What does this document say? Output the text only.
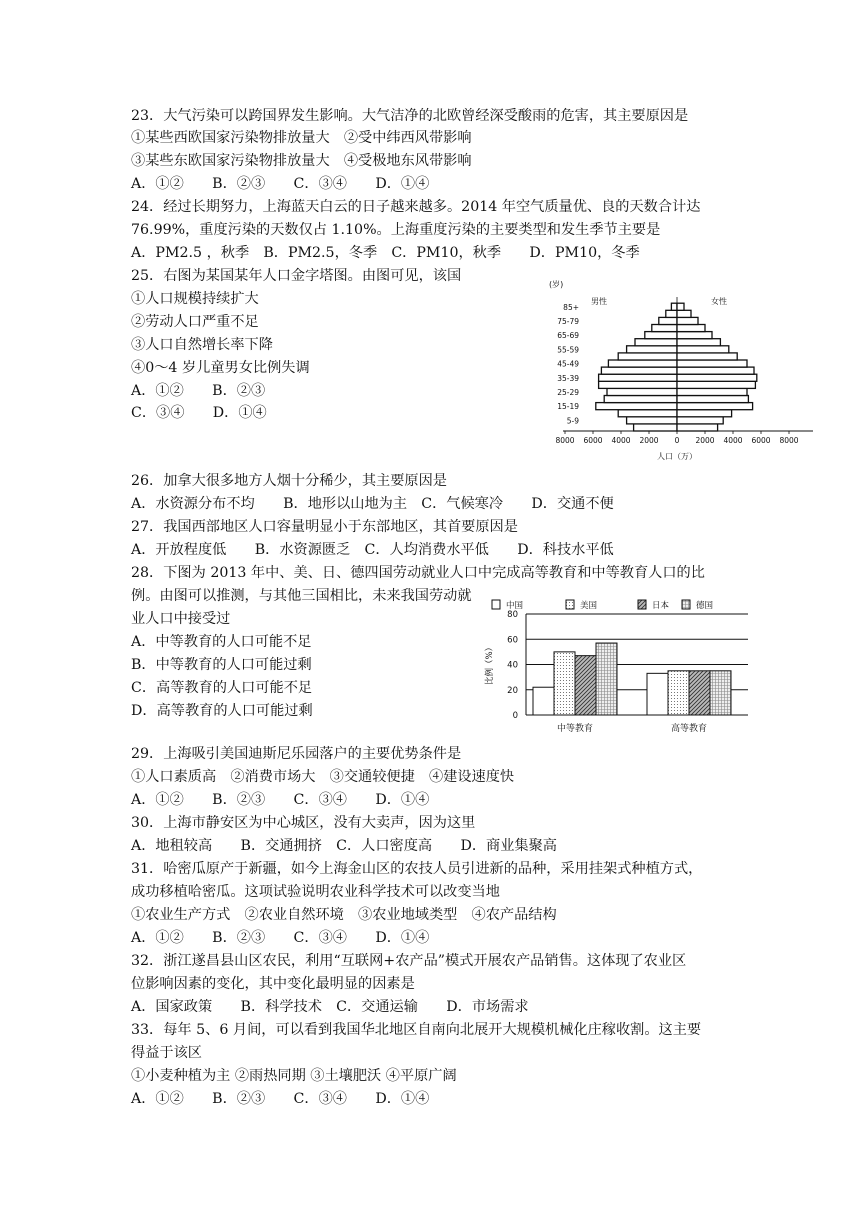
23．大气污染可以跨国界发生影响。大气洁净的北欧曾经深受酸雨的危害，其主要原因是
①某些西欧国家污染物排放量大　②受中纬西风带影响
③某些东欧国家污染物排放量大　④受极地东风带影响
A．①②　　B．②③　　C．③④　　D．①④
24．经过长期努力，上海蓝天白云的日子越来越多。2014 年空气质量优、良的天数合计达
76.99%，重度污染的天数仅占 1.10%。上海重度污染的主要类型和发生季节主要是
A．PM2.5 ，秋季　B．PM2.5，冬季　C．PM10，秋季　　D．PM10，冬季
25．右图为某国某年人口金字塔图。由图可见，该国
①人口规模持续扩大
②劳动人口严重不足
③人口自然增长率下降
④0～4 岁儿童男女比例失调
A．①②　　B．②③
C．③④　　D．①④
(岁)
男性	女性
85+
75-79
65-69
55-59
45-49
35-39
25-29
15-19
5-9
8000 6000 4000 2000 0 2000 4000 6000 8000
人口（万）
26．加拿大很多地方人烟十分稀少，其主要原因是
A．水资源分布不均　　B．地形以山地为主　C．气候寒冷　　D．交通不便
27．我国西部地区人口容量明显小于东部地区，其首要原因是
A．开放程度低　　B．水资源匮乏　C．人均消费水平低　　D．科技水平低
28．下图为 2013 年中、美、日、德四国劳动就业人口中完成高等教育和中等教育人口的比
例。由图可以推测，与其他三国相比，未来我国劳动就
业人口中接受过
A．中等教育的人口可能不足
B．中等教育的人口可能过剩
C．高等教育的人口可能不足
D．高等教育的人口可能过剩	0
20
40
60
80
比例（%）
中等教育	高等教育
中国	美国	日本	德国
29．上海吸引美国迪斯尼乐园落户的主要优势条件是
①人口素质高　②消费市场大　③交通较便捷　④建设速度快
A．①②　　B．②③　　C．③④　　D．①④
30．上海市静安区为中心城区，没有大卖声，因为这里
A．地租较高　　B．交通拥挤　C．人口密度高　　D．商业集聚高
31．哈密瓜原产于新疆，如今上海金山区的农技人员引进新的品种，采用挂架式种植方式，
成功移植哈密瓜。这项试验说明农业科学技术可以改变当地
①农业生产方式　②农业自然环境　③农业地域类型　④农产品结构
A．①②　　B．②③　　C．③④　　D．①④
32．浙江遂昌县山区农民，利用“互联网+农产品”模式开展农产品销售。这体现了农业区
位影响因素的变化，其中变化最明显的因素是
A．国家政策　　B．科学技术　C．交通运输　　D．市场需求
33．每年 5、6 月间，可以看到我国华北地区自南向北展开大规模机械化庄稼收割。这主要
得益于该区
①小麦种植为主 ②雨热同期 ③土壤肥沃 ④平原广阔
A．①②　　B．②③　　C．③④　　D．①④
